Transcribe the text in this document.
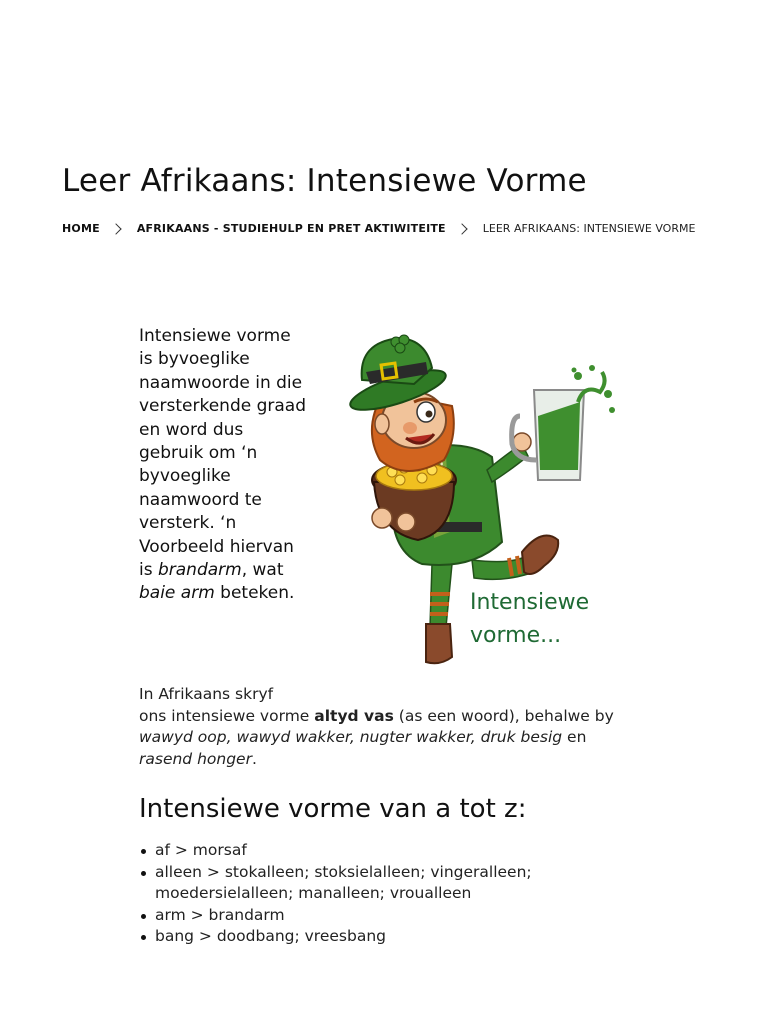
Leer Afrikaans: Intensiewe Vorme
HOME	AFRIKAANS - STUDIEHULP EN PRET AKTIWITEITE	LEER AFRIKAANS: INTENSIEWE VORME

Intensiewe vorme is byvoeglike naamwoorde in die versterkende graad en word dus gebruik om ‘n byvoeglike naamwoord te versterk. ‘n Voorbeeld hiervan is brandarm, wat baie arm beteken.	Intensiewe
vorme...

In Afrikaans skryf
ons intensiewe vorme altyd vas (as een woord), behalwe by wawyd oop, wawyd wakker, nugter wakker, druk besig en rasend honger.

Intensiewe vorme van a tot z:
af > morsaf
alleen > stokalleen; stoksielalleen; vingeralleen; moedersielalleen; manalleen; vroualleen
arm > brandarm
bang > doodbang; vreesbang
